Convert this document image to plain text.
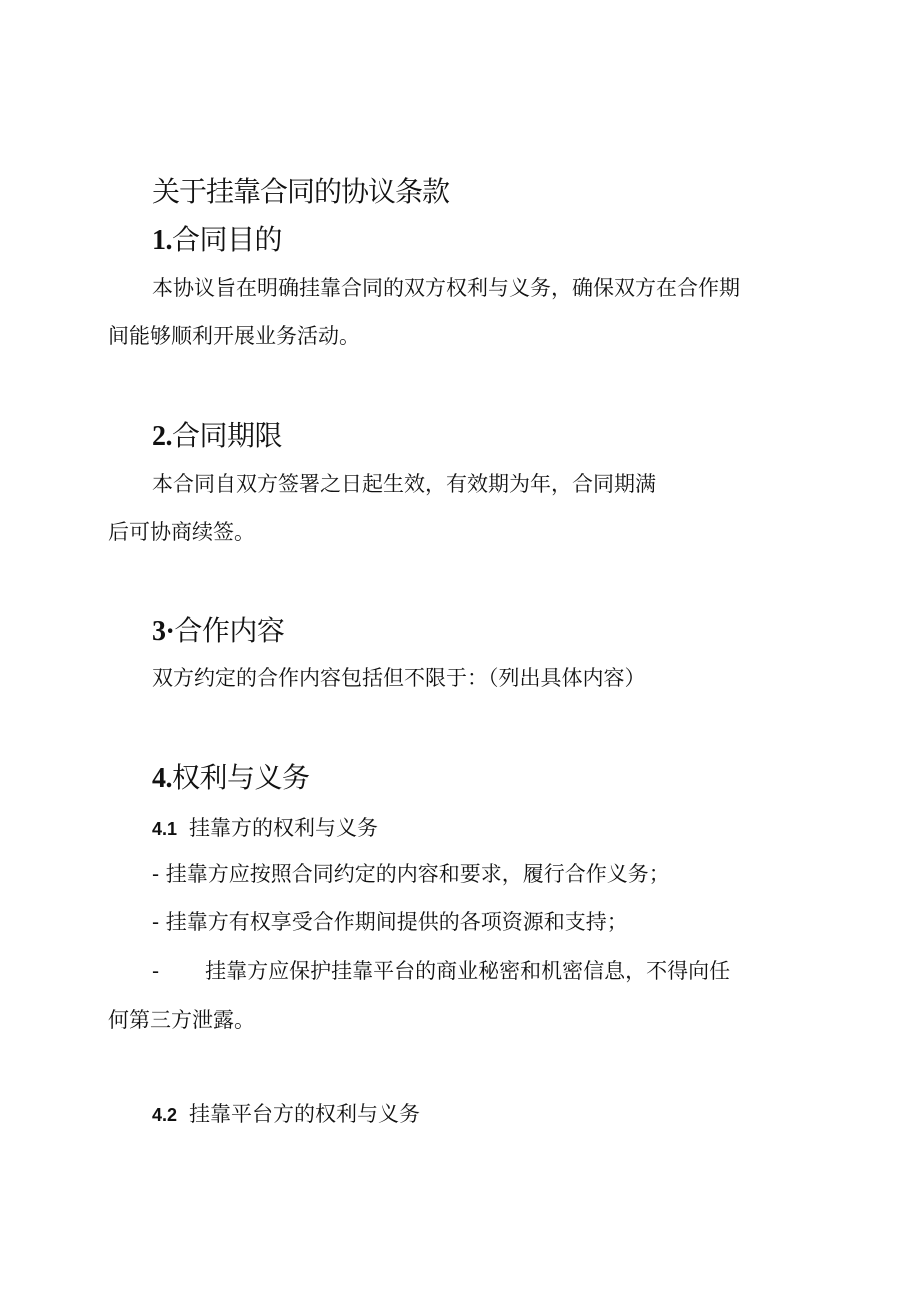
关于挂靠合同的协议条款
1.合同目的
本协议旨在明确挂靠合同的双方权利与义务，确保双方在合作期
间能够顺利开展业务活动。
2.合同期限
本合同自双方签署之日起生效，有效期为年，合同期满
后可协商续签。
3·合作内容
双方约定的合作内容包括但不限于：（列出具体内容）
4.权利与义务
4.1 挂靠方的权利与义务
- 挂靠方应按照合同约定的内容和要求，履行合作义务；
- 挂靠方有权享受合作期间提供的各项资源和支持；
- 挂靠方应保护挂靠平台的商业秘密和机密信息，不得向任
何第三方泄露。
4.2 挂靠平台方的权利与义务
